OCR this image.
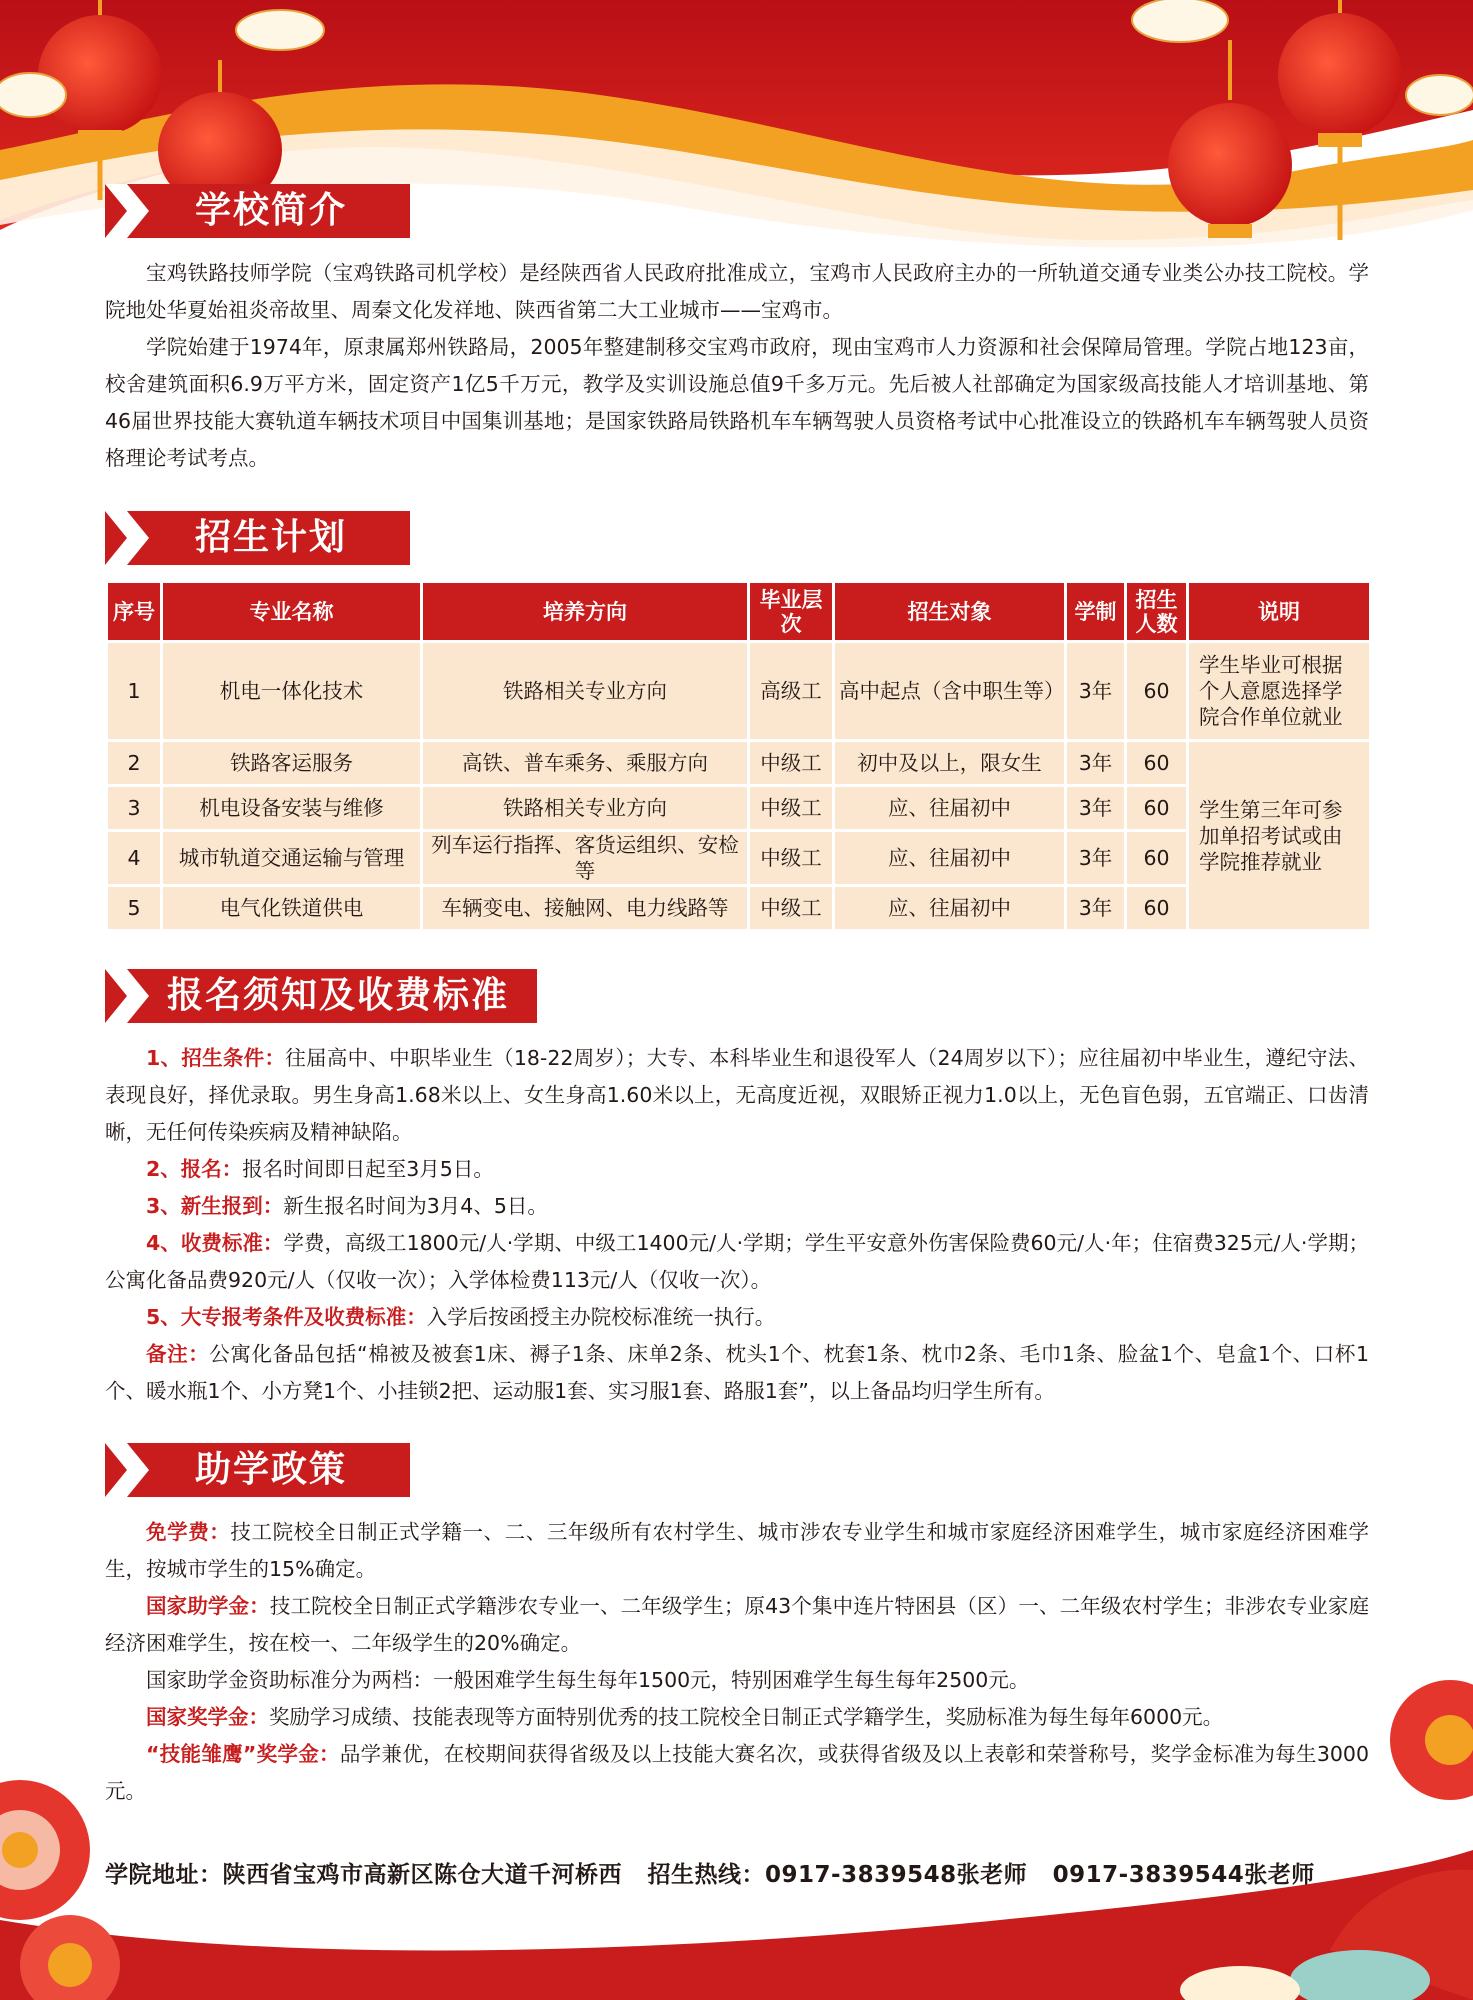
学校简介

宝鸡铁路技师学院（宝鸡铁路司机学校）是经陕西省人民政府批准成立，宝鸡市人民政府主办的一所轨道交通专业类公办技工院校。学院地处华夏始祖炎帝故里、周秦文化发祥地、陕西省第二大工业城市——宝鸡市。

学院始建于1974年，原隶属郑州铁路局，2005年整建制移交宝鸡市政府，现由宝鸡市人力资源和社会保障局管理。学院占地123亩，校舍建筑面积6.9万平方米，固定资产1亿5千万元，教学及实训设施总值9千多万元。先后被人社部确定为国家级高技能人才培训基地、第46届世界技能大赛轨道车辆技术项目中国集训基地；是国家铁路局铁路机车车辆驾驶人员资格考试中心批准设立的铁路机车车辆驾驶人员资格理论考试考点。

招生计划
序号	专业名称	培养方向	毕业层次	招生对象	学制	招生人数	说明
1	机电一体化技术	铁路相关专业方向	高级工	高中起点（含中职生等）	3年	60	学生毕业可根据个人意愿选择学院合作单位就业
2	铁路客运服务	高铁、普车乘务、乘服方向	中级工	初中及以上，限女生	3年	60	学生第三年可参加单招考试或由学院推荐就业
3	机电设备安装与维修	铁路相关专业方向	中级工	应、往届初中	3年	60	
4	城市轨道交通运输与管理	列车运行指挥、客货运组织、安检等	中级工	应、往届初中	3年	60	
5	电气化铁道供电	车辆变电、接触网、电力线路等	中级工	应、往届初中	3年	60	
报名须知及收费标准

1、招生条件：往届高中、中职毕业生（18-22周岁）；大专、本科毕业生和退役军人（24周岁以下）；应往届初中毕业生，遵纪守法、表现良好，择优录取。男生身高1.68米以上、女生身高1.60米以上，无高度近视，双眼矫正视力1.0以上，无色盲色弱，五官端正、口齿清晰，无任何传染疾病及精神缺陷。

2、报名：报名时间即日起至3月5日。

3、新生报到：新生报名时间为3月4、5日。

4、收费标准：学费，高级工1800元/人·学期、中级工1400元/人·学期；学生平安意外伤害保险费60元/人·年；住宿费325元/人·学期；公寓化备品费920元/人（仅收一次）；入学体检费113元/人（仅收一次）。

5、大专报考条件及收费标准：入学后按函授主办院校标准统一执行。

备注：公寓化备品包括“棉被及被套1床、褥子1条、床单2条、枕头1个、枕套1条、枕巾2条、毛巾1条、脸盆1个、皂盒1个、口杯1个、暖水瓶1个、小方凳1个、小挂锁2把、运动服1套、实习服1套、路服1套”，以上备品均归学生所有。

助学政策

免学费：技工院校全日制正式学籍一、二、三年级所有农村学生、城市涉农专业学生和城市家庭经济困难学生，城市家庭经济困难学生，按城市学生的15%确定。

国家助学金：技工院校全日制正式学籍涉农专业一、二年级学生；原43个集中连片特困县（区）一、二年级农村学生；非涉农专业家庭经济困难学生，按在校一、二年级学生的20%确定。

国家助学金资助标准分为两档：一般困难学生每生每年1500元，特别困难学生每生每年2500元。

国家奖学金：奖励学习成绩、技能表现等方面特别优秀的技工院校全日制正式学籍学生，奖励标准为每生每年6000元。

“技能雏鹰”奖学金：品学兼优，在校期间获得省级及以上技能大赛名次，或获得省级及以上表彰和荣誉称号，奖学金标准为每生3000元。

学院地址：陕西省宝鸡市高新区陈仓大道千河桥西 招生热线：0917-3839548张老师 0917-3839544张老师
